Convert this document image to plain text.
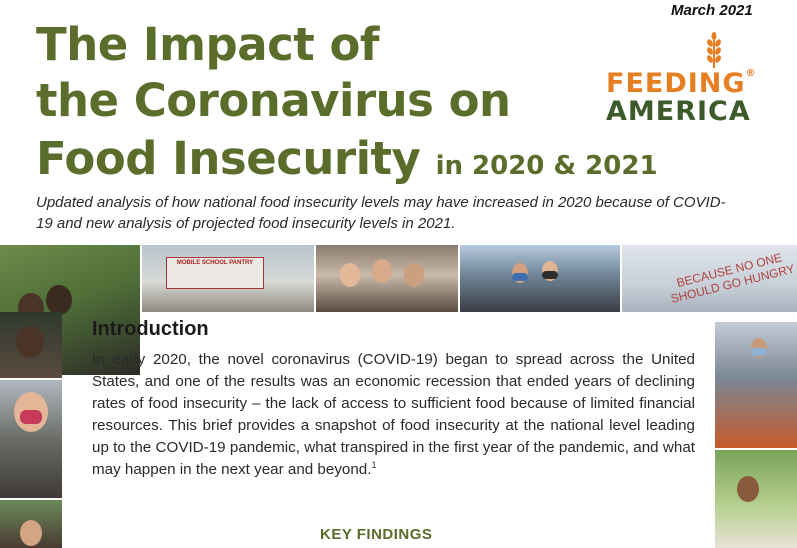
March 2021
The Impact of
the Coronavirus on
Food Insecurity in 2020 & 2021
FEEDING®
AMERICA
Updated analysis of how national food insecurity levels may have increased in 2020 because of COVID-19 and new analysis of projected food insecurity levels in 2021.
MOBILE SCHOOL PANTRY	BECAUSE NO ONE SHOULD GO HUNGRY
Introduction
In early 2020, the novel coronavirus (COVID-19) began to spread across the United States, and one of the results was an economic recession that ended years of declining rates of food insecurity – the lack of access to sufficient food because of limited financial resources. This brief provides a snapshot of food insecurity at the national level leading up to the COVID-19 pandemic, what transpired in the first year of the pandemic, and what may happen in the next year and beyond.$^1$
KEY FINDINGS
